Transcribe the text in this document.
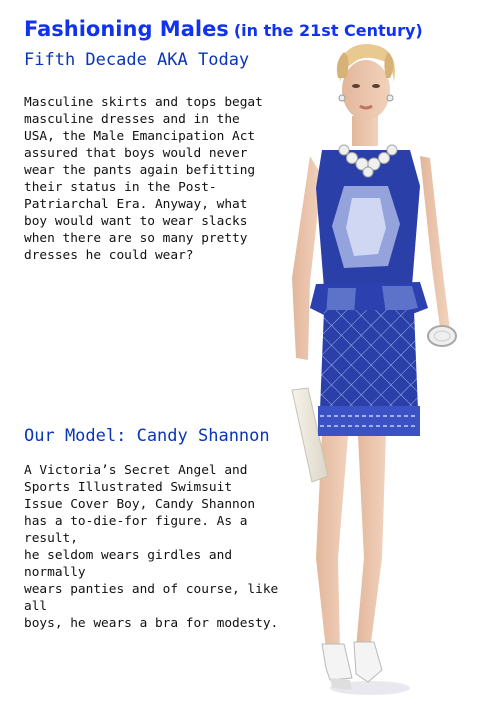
Fashioning Males (in the 21st Century)
Fifth Decade AKA Today

Masculine skirts and tops begat
masculine dresses and in the
USA, the Male Emancipation Act
assured that boys would never
wear the pants again befitting
their status in the Post-
Patriarchal Era. Anyway, what
boy would want to wear slacks
when there are so many pretty
dresses he could wear?

Our Model: Candy Shannon

A Victoria’s Secret Angel and
Sports Illustrated Swimsuit
Issue Cover Boy, Candy Shannon
has a to-die-for figure. As a result,
he seldom wears girdles and normally
wears panties and of course, like all
boys, he wears a bra for modesty.
